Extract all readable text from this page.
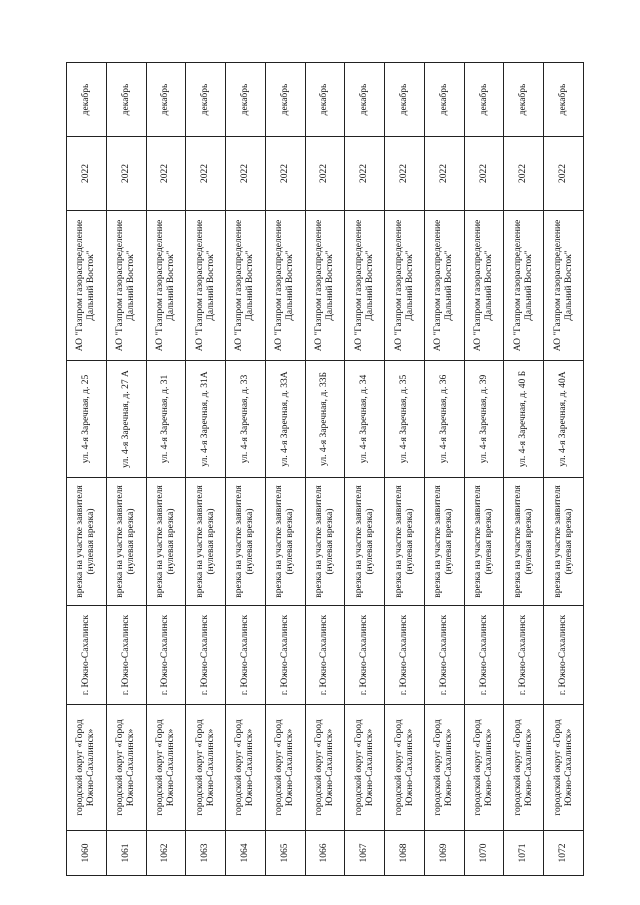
1060	городской округ «Город Южно-Сахалинск»	г. Южно-Сахалинск	врезка на участке заявителя (нулевая врезка)	ул. 4-я Заречная, д. 25	АО "Газпром газораспределение Дальний Восток"	2022	декабрь
1061	городской округ «Город Южно-Сахалинск»	г. Южно-Сахалинск	врезка на участке заявителя (нулевая врезка)	ул. 4-я Заречная, д. 27 А	АО "Газпром газораспределение Дальний Восток"	2022	декабрь
1062	городской округ «Город Южно-Сахалинск»	г. Южно-Сахалинск	врезка на участке заявителя (нулевая врезка)	ул. 4-я Заречная, д. 31	АО "Газпром газораспределение Дальний Восток"	2022	декабрь
1063	городской округ «Город Южно-Сахалинск»	г. Южно-Сахалинск	врезка на участке заявителя (нулевая врезка)	ул. 4-я Заречная, д. 31А	АО "Газпром газораспределение Дальний Восток"	2022	декабрь
1064	городской округ «Город Южно-Сахалинск»	г. Южно-Сахалинск	врезка на участке заявителя (нулевая врезка)	ул. 4-я Заречная, д. 33	АО "Газпром газораспределение Дальний Восток"	2022	декабрь
1065	городской округ «Город Южно-Сахалинск»	г. Южно-Сахалинск	врезка на участке заявителя (нулевая врезка)	ул. 4-я Заречная, д. 33А	АО "Газпром газораспределение Дальний Восток"	2022	декабрь
1066	городской округ «Город Южно-Сахалинск»	г. Южно-Сахалинск	врезка на участке заявителя (нулевая врезка)	ул. 4-я Заречная, д. 33Б	АО "Газпром газораспределение Дальний Восток"	2022	декабрь
1067	городской округ «Город Южно-Сахалинск»	г. Южно-Сахалинск	врезка на участке заявителя (нулевая врезка)	ул. 4-я Заречная, д. 34	АО "Газпром газораспределение Дальний Восток"	2022	декабрь
1068	городской округ «Город Южно-Сахалинск»	г. Южно-Сахалинск	врезка на участке заявителя (нулевая врезка)	ул. 4-я Заречная, д. 35	АО "Газпром газораспределение Дальний Восток"	2022	декабрь
1069	городской округ «Город Южно-Сахалинск»	г. Южно-Сахалинск	врезка на участке заявителя (нулевая врезка)	ул. 4-я Заречная, д. 36	АО "Газпром газораспределение Дальний Восток"	2022	декабрь
1070	городской округ «Город Южно-Сахалинск»	г. Южно-Сахалинск	врезка на участке заявителя (нулевая врезка)	ул. 4-я Заречная, д. 39	АО "Газпром газораспределение Дальний Восток"	2022	декабрь
1071	городской округ «Город Южно-Сахалинск»	г. Южно-Сахалинск	врезка на участке заявителя (нулевая врезка)	ул. 4-я Заречная, д. 40 Б	АО "Газпром газораспределение Дальний Восток"	2022	декабрь
1072	городской округ «Город Южно-Сахалинск»	г. Южно-Сахалинск	врезка на участке заявителя (нулевая врезка)	ул. 4-я Заречная, д. 40А	АО "Газпром газораспределение Дальний Восток"	2022	декабрь
